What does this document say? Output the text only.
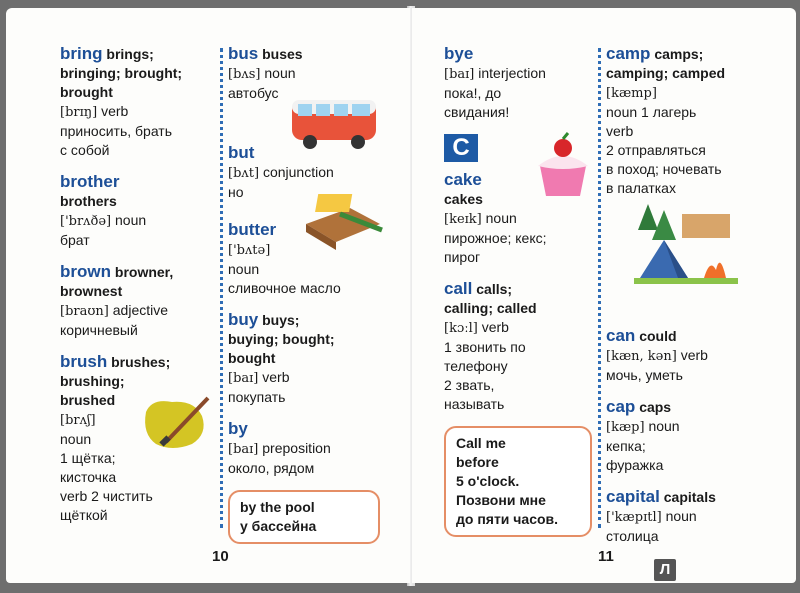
bring brings;
bringing; brought;
brought
[brɪŋ] verb
приносить, брать
с собой
brother
brothers
['brʌðə] noun
брат
brown browner,
brownest
[braʊn] adjective
коричневый
brush brushes;
brushing;
brushed
[brʌʃ]
noun
1 щётка;
кисточка
verb 2 чистить
щёткой
bus buses
[bʌs] noun
автобус
but
[bʌt] conjunction
но
butter
['bʌtə]
noun
сливочное масло
buy buys;
buying; bought;
bought
[baɪ] verb
покупать
by
[baɪ] preposition
около, рядом
by the pool
у бассейна
10
bye
[baɪ] interjection
пока!, до
свидания!
C
cake
cakes
[keɪk] noun
пирожное; кекс;
пирог
call calls;
calling; called
[kɔːl] verb
1 звонить по
телефону
2 звать,
называть
Call me
before
5 o'clock.
Позвони мне
до пяти часов.
camp camps;
camping; camped
[kæmp]
noun 1 лагерь
verb
2 отправляться
в поход; ночевать
в палатках
can could
[kæn, kən] verb
мочь, уметь
cap caps
[kæp] noun
кепка;
фуражка
capital capitals
['kæpɪtl] noun
столица
11
Л
